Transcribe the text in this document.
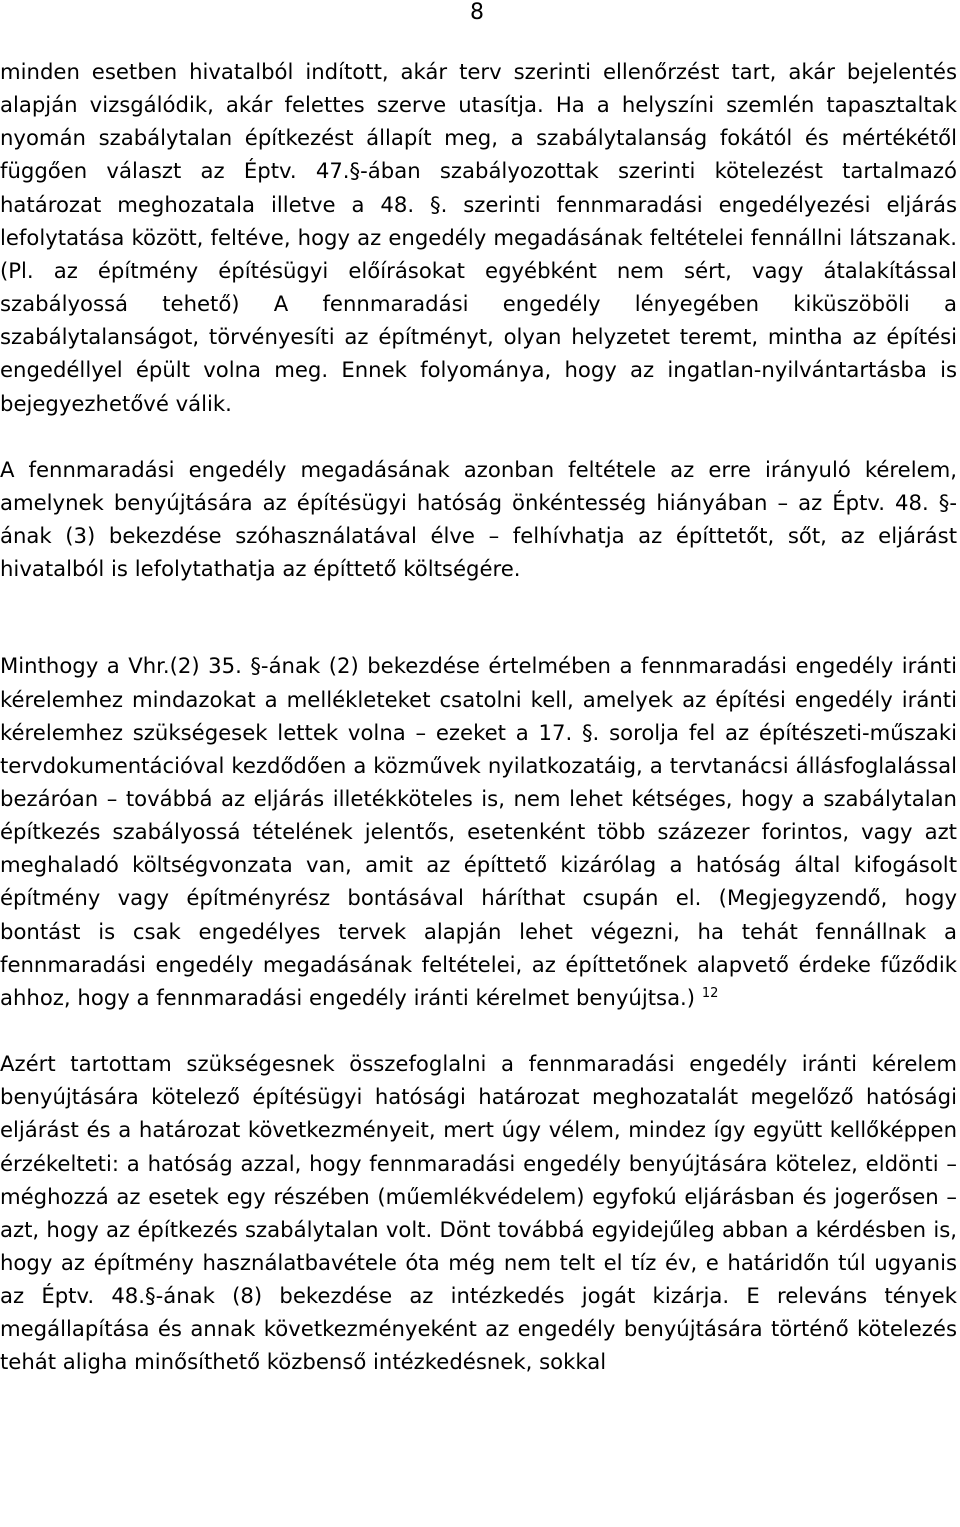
8

minden esetben hivatalból indított, akár terv szerinti ellenőrzést tart, akár bejelentés alapján vizsgálódik, akár felettes szerve utasítja. Ha a helyszíni szemlén tapasztaltak nyomán szabálytalan építkezést állapít meg, a szabálytalanság fokától és mértékétől függően választ az Éptv. 47.§-ában szabályozottak szerinti kötelezést tartalmazó határozat meghozatala illetve a 48. §. szerinti fennmaradási engedélyezési eljárás lefolytatása között, feltéve, hogy az engedély megadásának feltételei fennállni látszanak. (Pl. az építmény építésügyi előírásokat egyébként nem sért, vagy átalakítással szabályossá tehető) A fennmaradási engedély lényegében kiküszöböli a szabálytalanságot, törvényesíti az építményt, olyan helyzetet teremt, mintha az építési engedéllyel épült volna meg. Ennek folyománya, hogy az ingatlan-nyilvántartásba is bejegyezhetővé válik.

A fennmaradási engedély megadásának azonban feltétele az erre irányuló kérelem, amelynek benyújtására az építésügyi hatóság önkéntesség hiányában – az Éptv. 48. §-ának (3) bekezdése szóhasználatával élve – felhívhatja az építtetőt, sőt, az eljárást hivatalból is lefolytathatja az építtető költségére.

Minthogy a Vhr.(2) 35. §-ának (2) bekezdése értelmében a fennmaradási engedély iránti kérelemhez mindazokat a mellékleteket csatolni kell, amelyek az építési engedély iránti kérelemhez szükségesek lettek volna – ezeket a 17. §. sorolja fel az építészeti-műszaki tervdokumentációval kezdődően a közművek nyilatkozatáig, a tervtanácsi állásfoglalással bezáróan – továbbá az eljárás illetékköteles is, nem lehet kétséges, hogy a szabálytalan építkezés szabályossá tételének jelentős, esetenként több százezer forintos, vagy azt meghaladó költségvonzata van, amit az építtető kizárólag a hatóság által kifogásolt építmény vagy építményrész bontásával háríthat csupán el. (Megjegyzendő, hogy bontást is csak engedélyes tervek alapján lehet végezni, ha tehát fennállnak a fennmaradási engedély megadásának feltételei, az építtetőnek alapvető érdeke fűződik ahhoz, hogy a fennmaradási engedély iránti kérelmet benyújtsa.) $^{12}$

Azért tartottam szükségesnek összefoglalni a fennmaradási engedély iránti kérelem benyújtására kötelező építésügyi hatósági határozat meghozatalát megelőző hatósági eljárást és a határozat következményeit, mert úgy vélem, mindez így együtt kellőképpen érzékelteti: a hatóság azzal, hogy fennmaradási engedély benyújtására kötelez, eldönti – méghozzá az esetek egy részében (műemlékvédelem) egyfokú eljárásban és jogerősen – azt, hogy az építkezés szabálytalan volt. Dönt továbbá egyidejűleg abban a kérdésben is, hogy az építmény használatbavétele óta még nem telt el tíz év, e határidőn túl ugyanis az Éptv. 48.§-ának (8) bekezdése az intézkedés jogát kizárja. E releváns tények megállapítása és annak következményeként az engedély benyújtására történő kötelezés tehát aligha minősíthető közbenső intézkedésnek, sokkal
